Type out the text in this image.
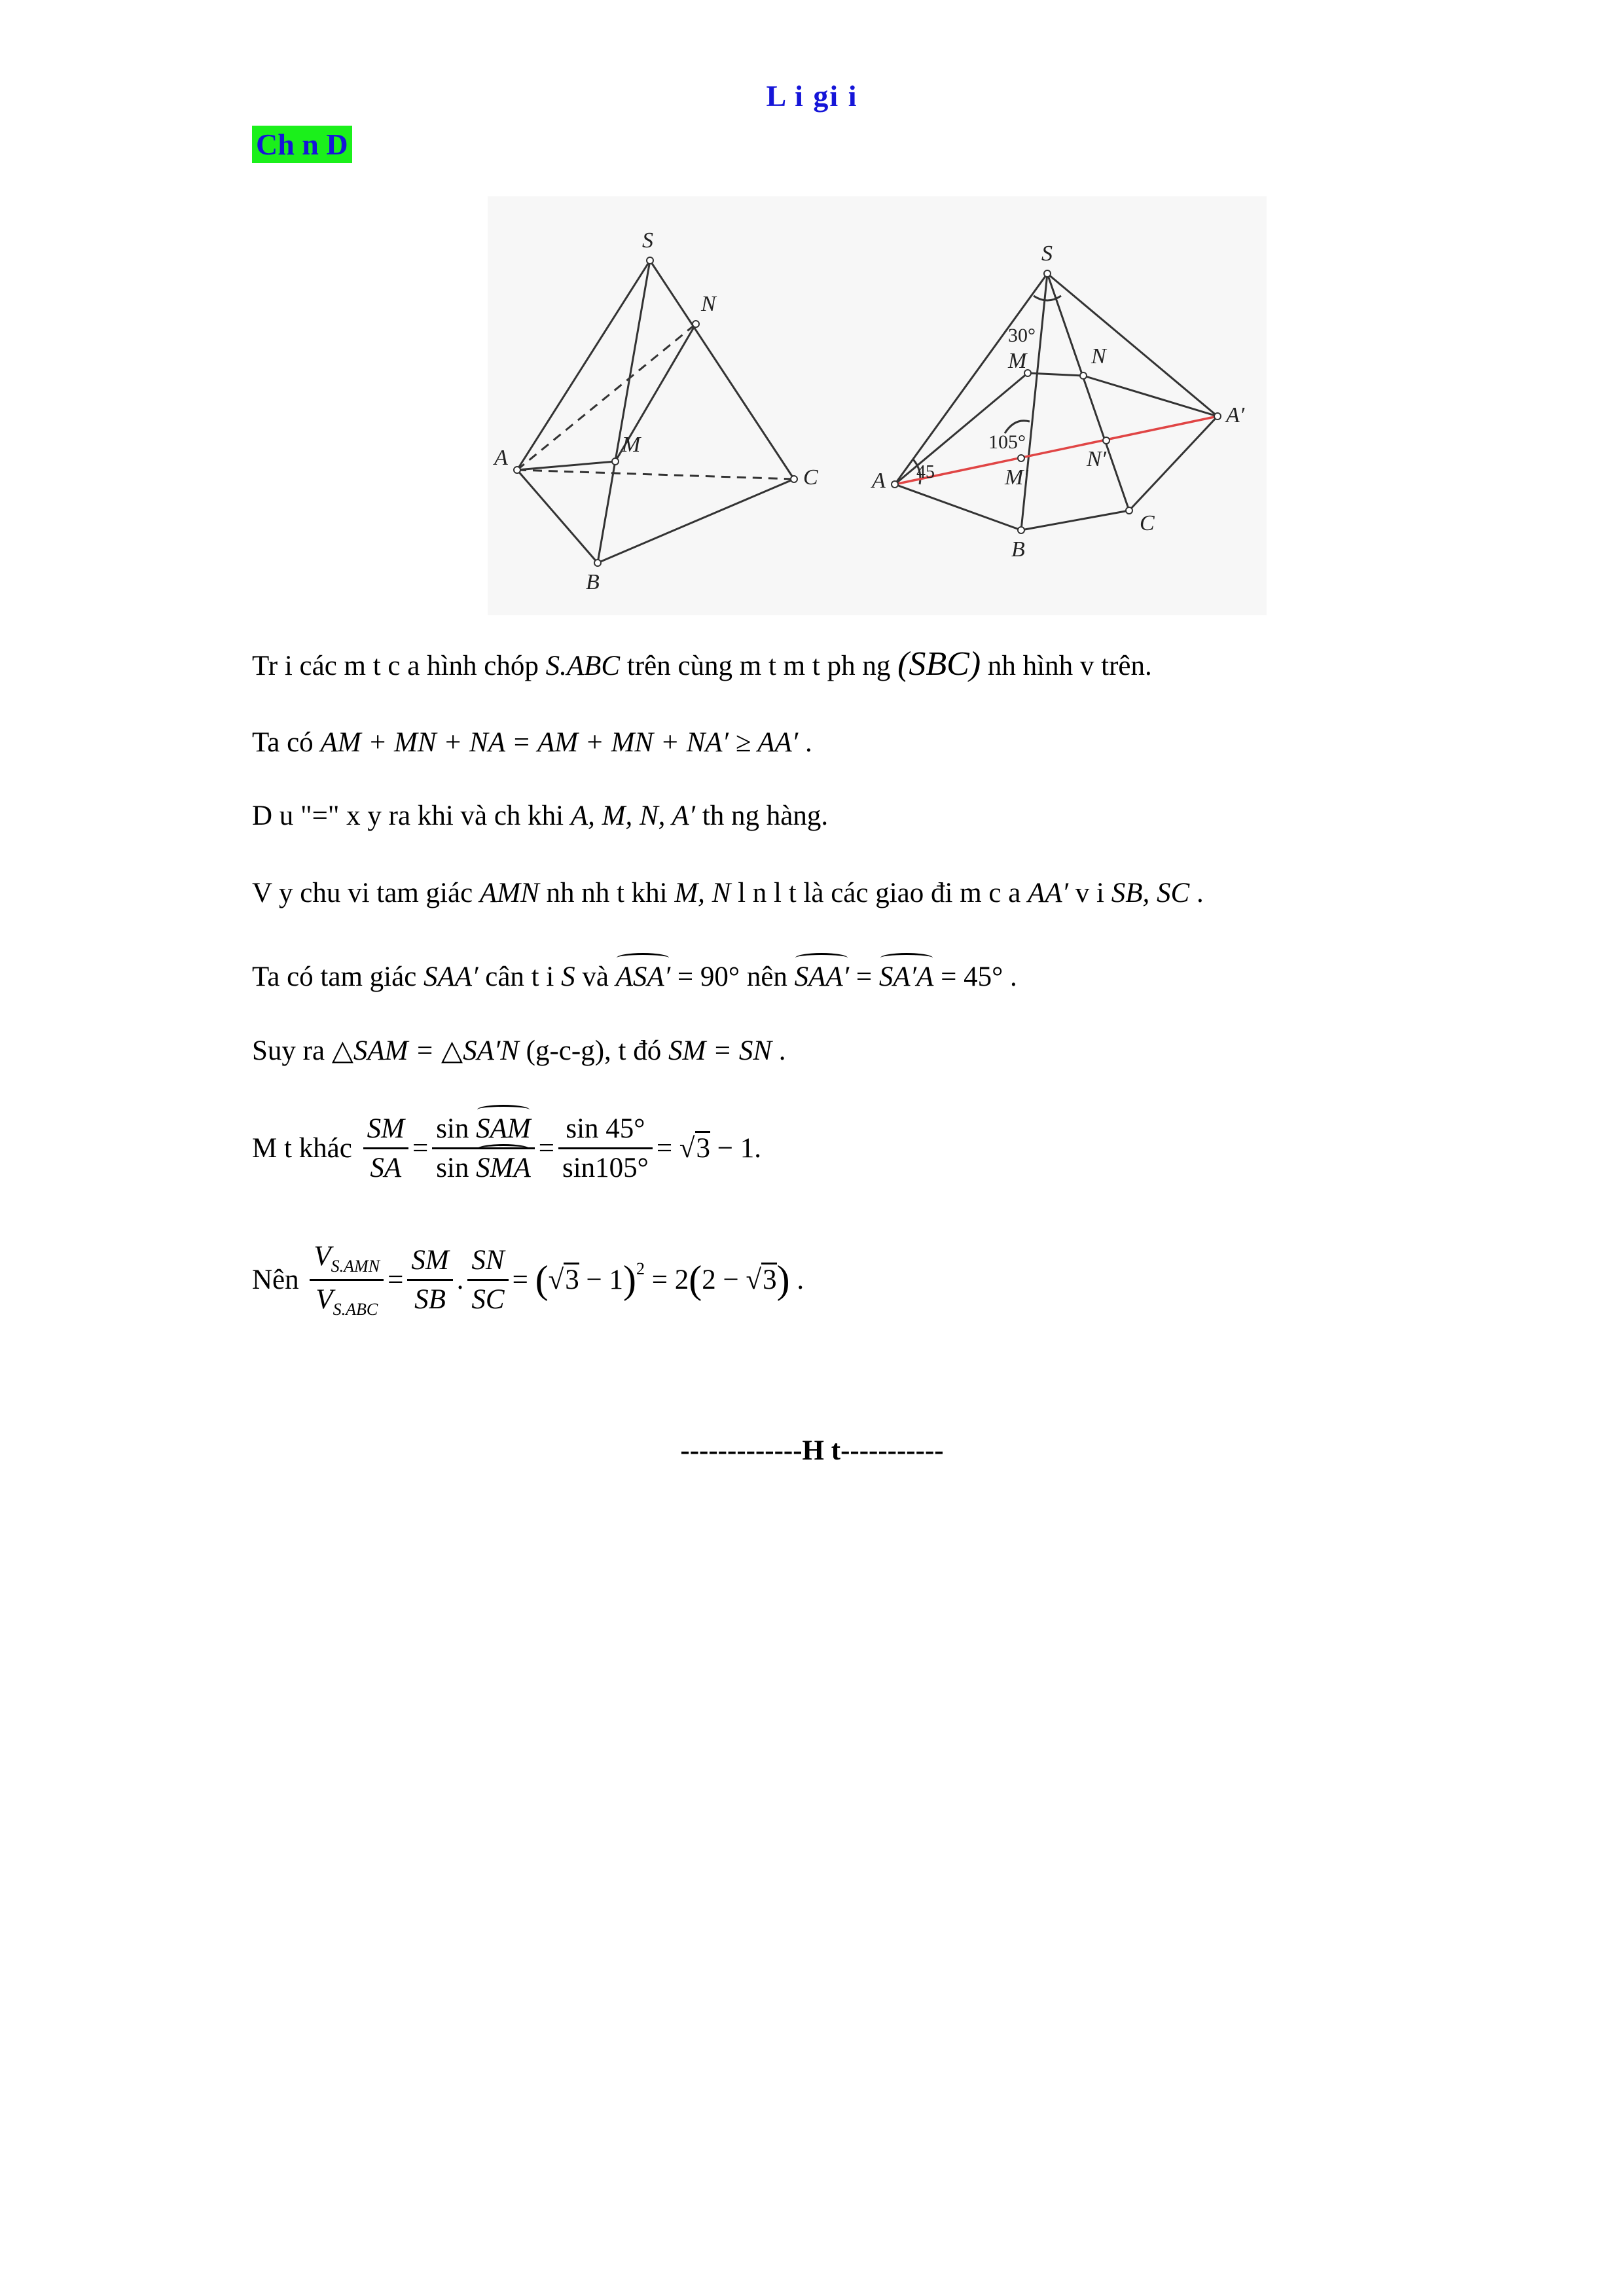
L i gi i
Ch n D
S
N
A
M
C
B
S
30°
M	N
A′
105°
45
A	M′
N′
C
B
Tr i các m t c a hình chóp S.ABC trên cùng m t m t ph ng (SBC) nh hình v trên.
Ta có AM + MN + NA = AM + MN + NA′ ≥ AA′ .
D u "=" x y ra khi và ch khi A, M, N, A′ th ng hàng.
V y chu vi tam giác AMN nh nh t khi M, N l n l t là các giao đi m c a AA′ v i SB, SC .
Ta có tam giác SAA′ cân t i S và ASA′ = 90° nên SAA′ = SA′A = 45° .
Suy ra △SAM = △SA′N (g-c-g), t đó SM = SN .
M t khác $\frac{SM}{SA} = \frac{\text{sin SAM}}{\text{sin SMA}} = \frac{\sin 45^\circ}{\sin 105^\circ} = √3 - 1$.
Nên $\frac{V_{S.AMN}}{V_{S.ABC}} = \frac{SM}{SB}$ . $\frac{SN}{SC} = (√3 - 1)^2 = 2(2 - √3)$ .
-------------H t-----------
